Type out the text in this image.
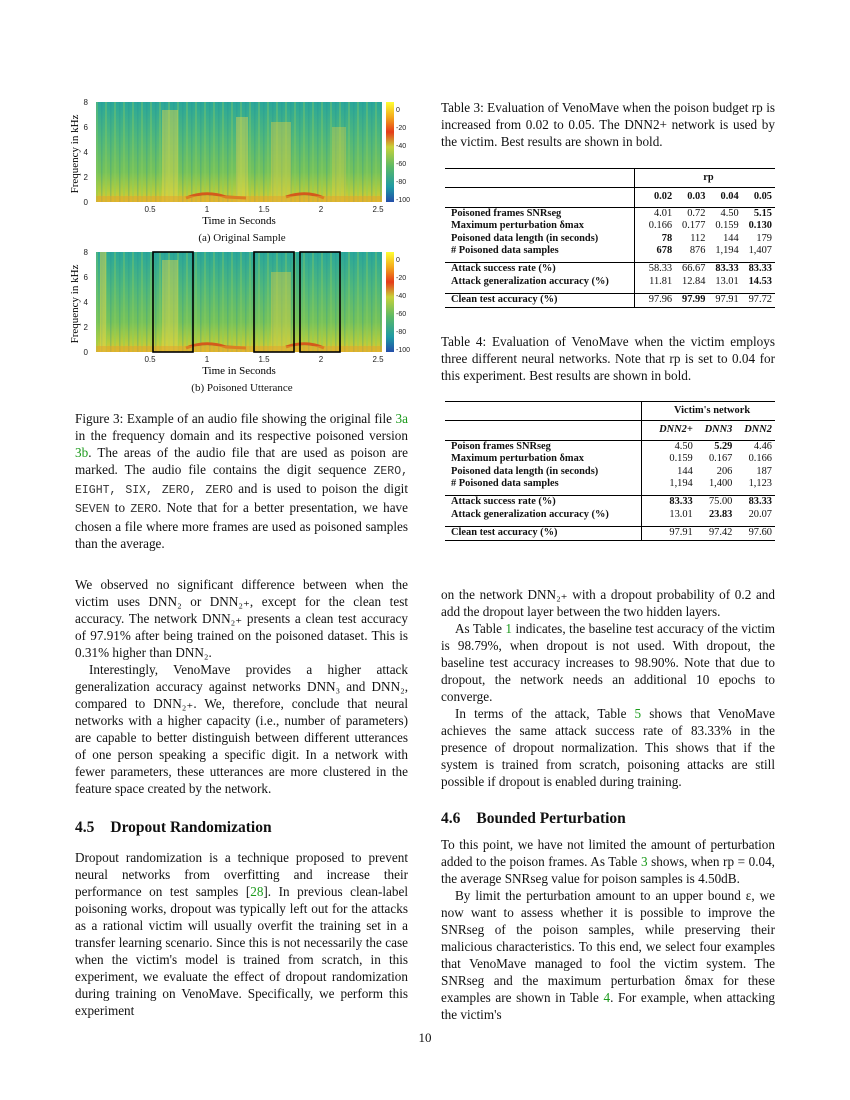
0
2
4
6
8
0.5	1	1.5	2	2.5
0
-20
-40
-60
-80
-100
Frequency in kHz
Time in Seconds
(a) Original Sample
0
2
4
6
8
0.5	1	1.5	2	2.5
0
-20
-40
-60
-80
-100
Frequency in kHz
Time in Seconds
(b) Poisoned Utterance
Figure 3: Example of an audio file showing the original file 3a in the frequency domain and its respective poisoned version 3b. The areas of the audio file that are used as poison are marked. The audio file contains the digit sequence ZERO, EIGHT, SIX, ZERO, ZERO and is used to poison the digit SEVEN to ZERO. Note that for a better presentation, we have chosen a file where more frames are used as poisoned samples than the average.

We observed no significant difference between when the victim uses DNN₂ or DNN₂₊, except for the clean test accuracy. The network DNN₂₊ presents a clean test accuracy of 97.91% after being trained on the poisoned dataset. This is 0.31% higher than DNN₂.

Interestingly, VenoMave provides a higher attack generalization accuracy against networks DNN₃ and DNN₂, compared to DNN₂₊. We, therefore, conclude that neural networks with a higher capacity (i.e., number of parameters) are capable to better distinguish between different utterances of one person speaking a specific digit. In a network with fewer parameters, these utterances are more clustered in the feature space created by the network.

4.5 Dropout Randomization

Dropout randomization is a technique proposed to prevent neural networks from overfitting and increase their performance on test samples [28]. In previous clean-label poisoning works, dropout was typically left out for the attacks as a rational victim will usually overfit the training set in a transfer learning scenario. Since this is not necessarily the case when the victim's model is trained from scratch, in this experiment, we evaluate the effect of dropout randomization during training on VenoMave. Specifically, we perform this experiment

Table 3: Evaluation of VenoMave when the poison budget rp is increased from 0.02 to 0.05. The DNN2+ network is used by the victim. Best results are shown in bold.
		rp			
		0.02	0.03	0.04	0.05
Poisoned frames SNRseg		4.01	0.72	4.50	5.15
Maximum perturbation δmax		0.166	0.177	0.159	0.130
Poisoned data length (in seconds)		78	112	144	179
# Poisoned data samples		678	876	1,194	1,407

Attack success rate (%)		58.33	66.67	83.33	83.33
Attack generalization accuracy (%)		11.81	12.84	13.01	14.53

Clean test accuracy (%)		97.96	97.99	97.91	97.72
Table 4: Evaluation of VenoMave when the victim employs three different neural networks. Note that rp is set to 0.04 for this experiment. Best results are shown in bold.
		Victim's network		
		DNN2+	DNN3	DNN2
Poison frames SNRseg		4.50	5.29	4.46
Maximum perturbation δmax		0.159	0.167	0.166
Poisoned data length (in seconds)		144	206	187
# Poisoned data samples		1,194	1,400	1,123

Attack success rate (%)		83.33	75.00	83.33
Attack generalization accuracy (%)		13.01	23.83	20.07

Clean test accuracy (%)		97.91	97.42	97.60

on the network DNN₂₊ with a dropout probability of 0.2 and add the dropout layer between the two hidden layers.

As Table 1 indicates, the baseline test accuracy of the victim is 98.79%, when dropout is not used. With dropout, the baseline test accuracy increases to 98.90%. Note that due to dropout, the network needs an additional 10 epochs to converge.

In terms of the attack, Table 5 shows that VenoMave achieves the same attack success rate of 83.33% in the presence of dropout normalization. This shows that if the system is trained from scratch, poisoning attacks are still possible if dropout is enabled during training.

4.6 Bounded Perturbation

To this point, we have not limited the amount of perturbation added to the poison frames. As Table 3 shows, when rp = 0.04, the average SNRseg value for poison samples is 4.50dB.

By limit the perturbation amount to an upper bound ε, we now want to assess whether it is possible to improve the SNRseg of the poison samples, while preserving their malicious characteristics. To this end, we select four examples that VenoMave managed to fool the victim system. The SNRseg and the maximum perturbation δmax for these examples are shown in Table 4. For example, when attacking the victim's

10
